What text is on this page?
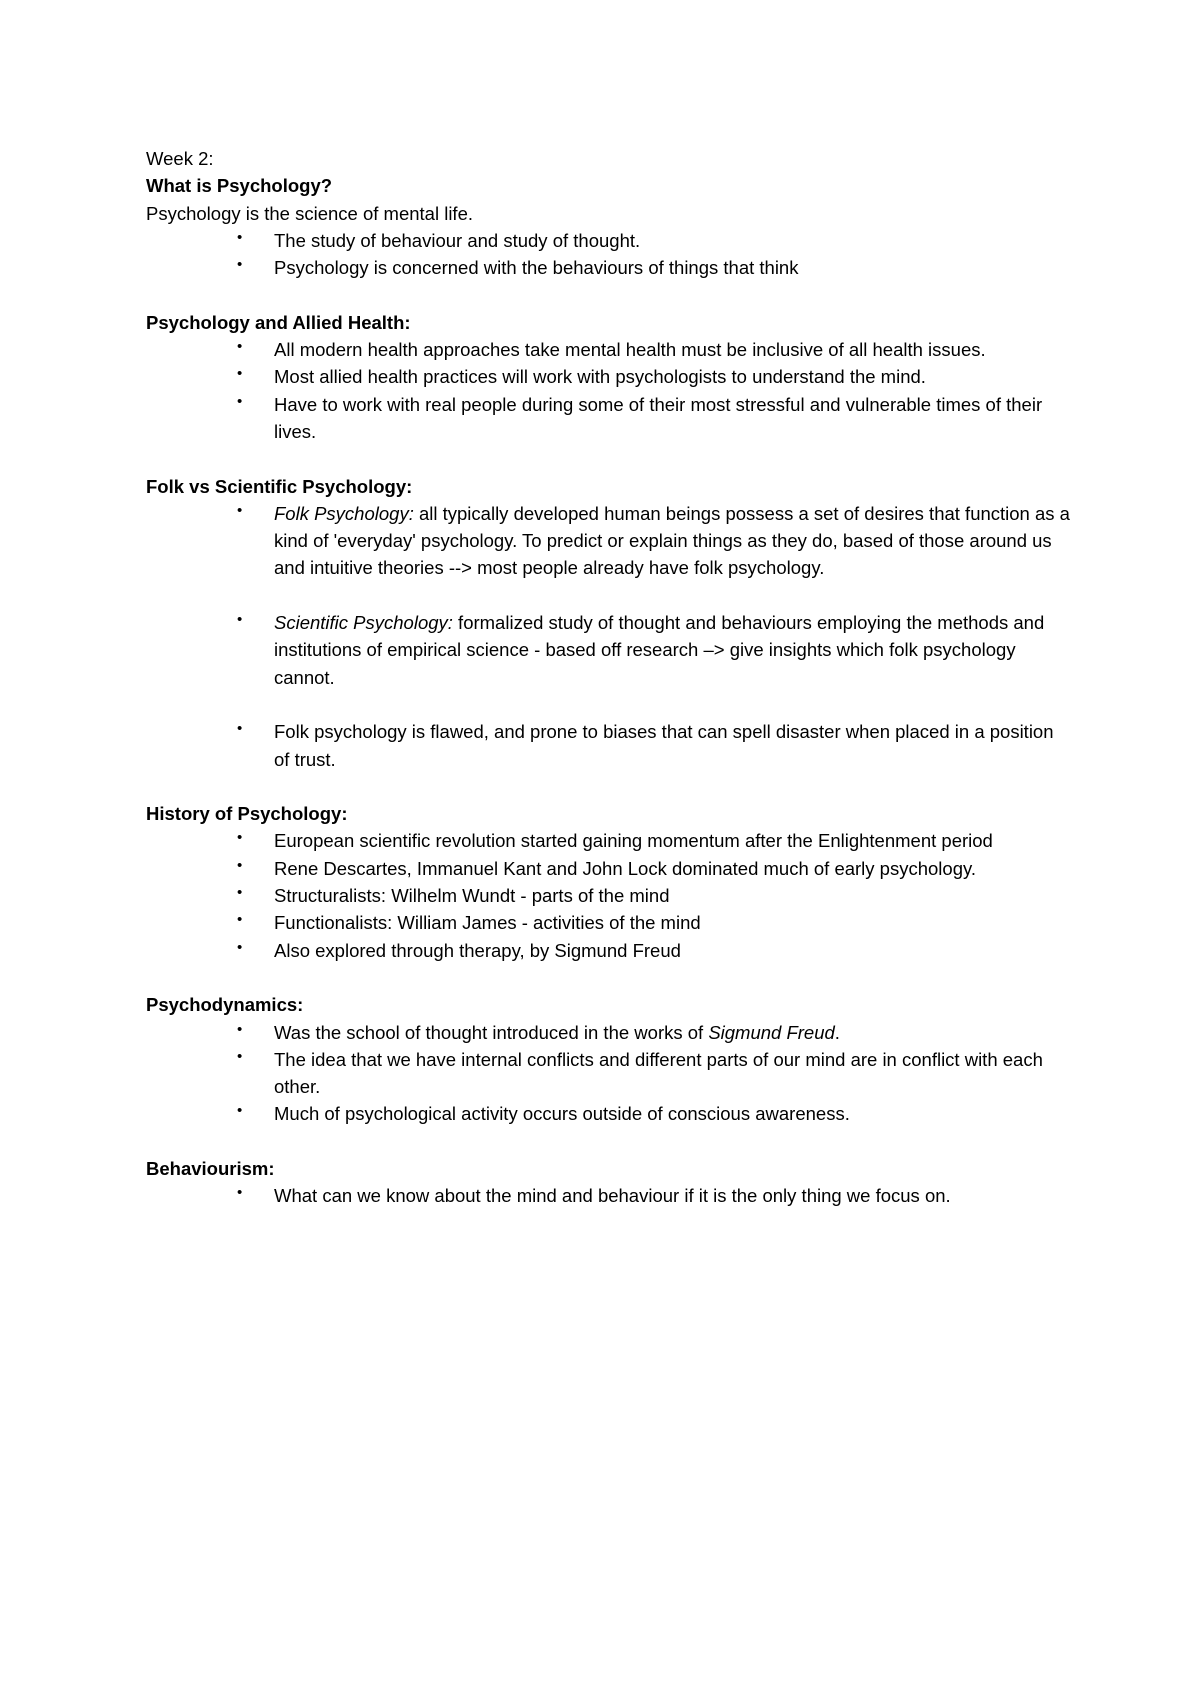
Week 2:

What is Psychology?

Psychology is the science of mental life.

• The study of behaviour and study of thought.
• Psychology is concerned with the behaviours of things that think

Psychology and Allied Health:

• All modern health approaches take mental health must be inclusive of all health issues.
• Most allied health practices will work with psychologists to understand the mind.
• Have to work with real people during some of their most stressful and vulnerable times of their lives.

Folk vs Scientific Psychology:

• Folk Psychology: all typically developed human beings possess a set of desires that function as a kind of 'everyday' psychology. To predict or explain things as they do, based of those around us and intuitive theories --> most people already have folk psychology.
• Scientific Psychology: formalized study of thought and behaviours employing the methods and institutions of empirical science - based off research –> give insights which folk psychology cannot.
• Folk psychology is flawed, and prone to biases that can spell disaster when placed in a position of trust.

History of Psychology:

• European scientific revolution started gaining momentum after the Enlightenment period
• Rene Descartes, Immanuel Kant and John Lock dominated much of early psychology.
• Structuralists: Wilhelm Wundt - parts of the mind
• Functionalists: William James - activities of the mind
• Also explored through therapy, by Sigmund Freud

Psychodynamics:

• Was the school of thought introduced in the works of Sigmund Freud.
• The idea that we have internal conflicts and different parts of our mind are in conflict with each other.
• Much of psychological activity occurs outside of conscious awareness.

Behaviourism:

• What can we know about the mind and behaviour if it is the only thing we focus on.
